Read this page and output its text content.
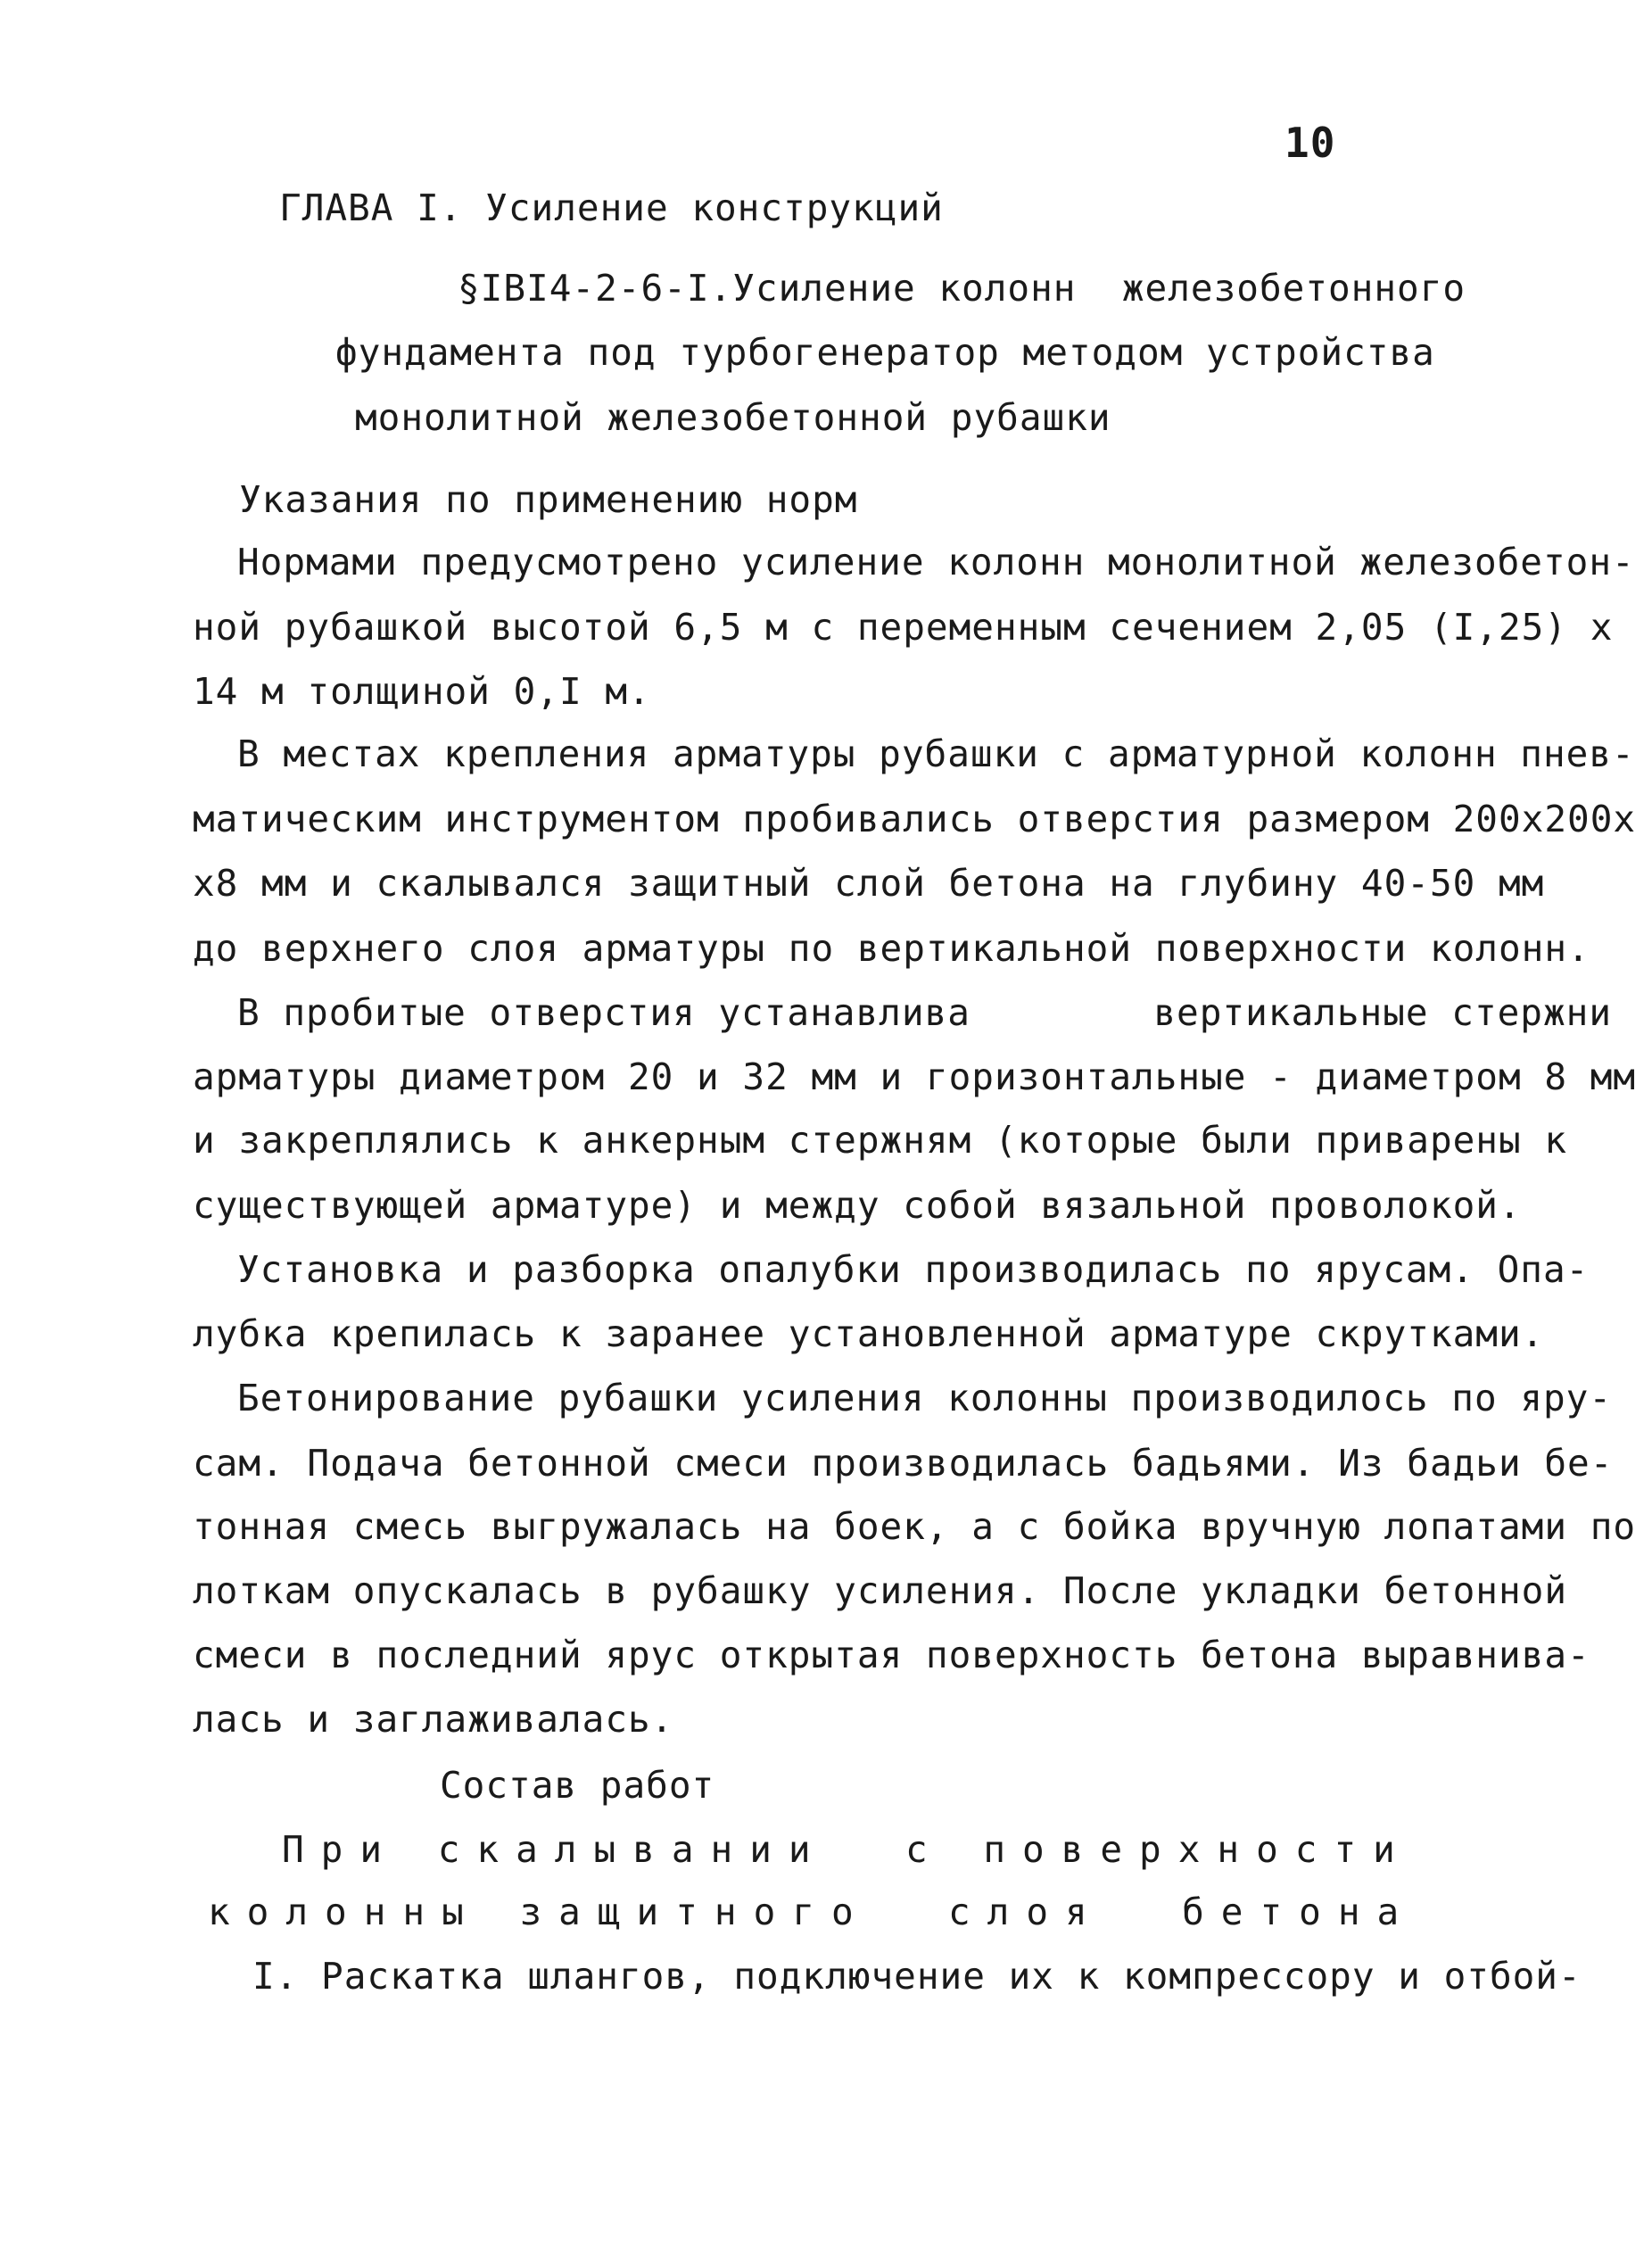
10
ГЛАВА I. Усиление конструкций
§IВI4-2-6-I.Усиление колонн  железобетонного
фундамента под турбогенератор методом устройства
монолитной железобетонной рубашки
Указания по применению норм
Нормами предусмотрено усиление колонн монолитной железобетон-
ной рубашкой высотой 6,5 м с переменным сечением 2,05 (I,25) х
14 м толщиной 0,I м.
В местах крепления арматуры рубашки с арматурной колонн пнев-
матическим инструментом пробивались отверстия размером 200х200х
х8 мм и скалывался защитный слой бетона на глубину 40-50 мм
до верхнего слоя арматуры по вертикальной поверхности колонн.
В пробитые отверстия устанавлива        вертикальные стержни
арматуры диаметром 20 и 32 мм и горизонтальные - диаметром 8 мм
и закреплялись к анкерным стержням (которые были приварены к
существующей арматуре) и между собой вязальной проволокой.
Установка и разборка опалубки производилась по ярусам. Опа-
лубка крепилась к заранее установленной арматуре скрутками.
Бетонирование рубашки усиления колонны производилось по яру-
сам. Подача бетонной смеси производилась бадьями. Из бадьи бе-
тонная смесь выгружалась на боек, а с бойка вручную лопатами по
лоткам опускалась в рубашку усиления. После укладки бетонной
смеси в последний ярус открытая поверхность бетона выравнива-
лась и заглаживалась.
Состав работ
При скалывании  с поверхности
колонны защитного  слоя  бетона
I. Раскатка шлангов, подключение их к компрессору и отбой-
